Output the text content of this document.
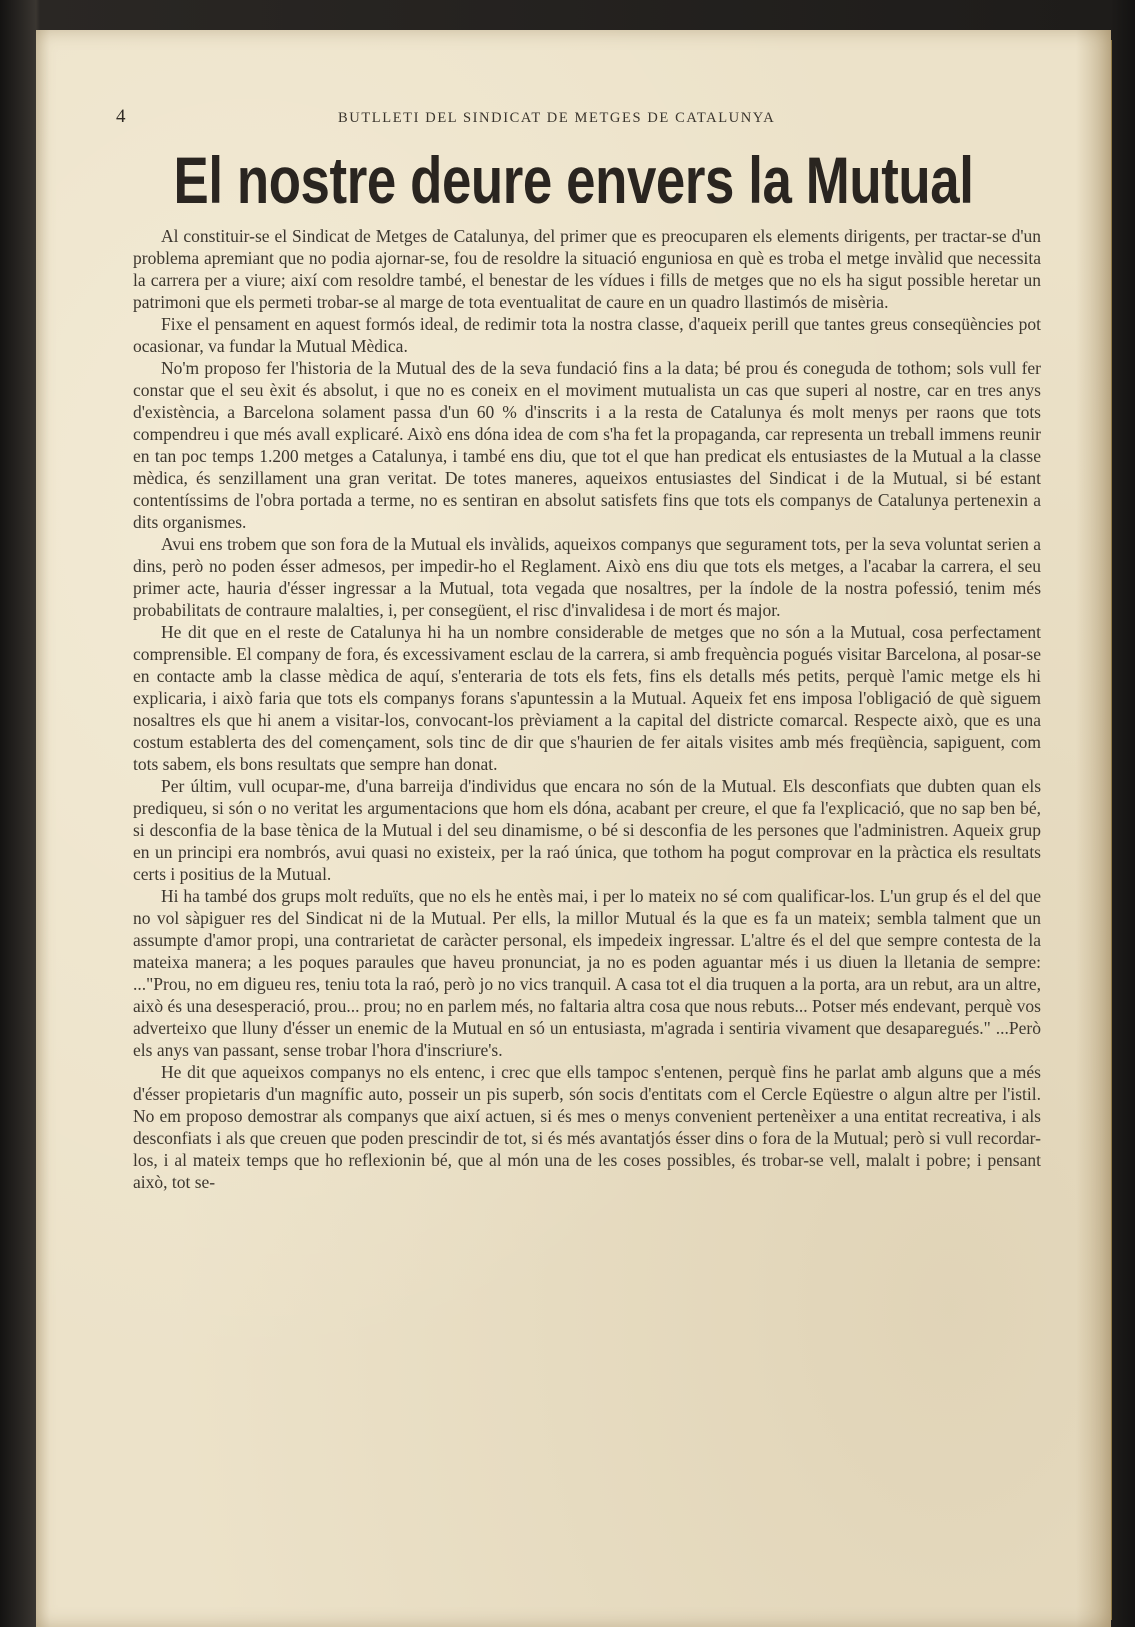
4	BUTLLETI DEL SINDICAT DE METGES DE CATALUNYA
El nostre deure envers la Mutual

Al constituir-se el Sindicat de Metges de Catalunya, del primer que es preocuparen els elements dirigents, per tractar-se d'un problema apremiant que no podia ajornar-se, fou de resoldre la situació enguniosa en què es troba el metge invàlid que necessita la carrera per a viure; així com resoldre també, el benestar de les vídues i fills de metges que no els ha sigut possible heretar un patrimoni que els permeti trobar-se al marge de tota eventualitat de caure en un quadro llastimós de misèria.

Fixe el pensament en aquest formós ideal, de redimir tota la nostra classe, d'aqueix perill que tantes greus conseqüències pot ocasionar, va fundar la Mutual Mèdica.

No'm proposo fer l'historia de la Mutual des de la seva fundació fins a la data; bé prou és coneguda de tothom; sols vull fer constar que el seu èxit és absolut, i que no es coneix en el moviment mutualista un cas que superi al nostre, car en tres anys d'existència, a Barcelona solament passa d'un 60 % d'inscrits i a la resta de Catalunya és molt menys per raons que tots compendreu i que més avall explicaré. Això ens dóna idea de com s'ha fet la propaganda, car representa un treball immens reunir en tan poc temps 1.200 metges a Catalunya, i també ens diu, que tot el que han predicat els entusiastes de la Mutual a la classe mèdica, és senzillament una gran veritat. De totes maneres, aqueixos entusiastes del Sindicat i de la Mutual, si bé estant contentíssims de l'obra portada a terme, no es sentiran en absolut satisfets fins que tots els companys de Catalunya pertenexin a dits organismes.

Avui ens trobem que son fora de la Mutual els invàlids, aqueixos companys que segurament tots, per la seva voluntat serien a dins, però no poden ésser admesos, per impedir-ho el Reglament. Això ens diu que tots els metges, a l'acabar la carrera, el seu primer acte, hauria d'ésser ingressar a la Mutual, tota vegada que nosaltres, per la índole de la nostra pofessió, tenim més probabilitats de contraure malalties, i, per consegüent, el risc d'invalidesa i de mort és major.

He dit que en el reste de Catalunya hi ha un nombre considerable de metges que no són a la Mutual, cosa perfectament comprensible. El company de fora, és excessivament esclau de la carrera, si amb frequència pogués visitar Barcelona, al posar-se en contacte amb la classe mèdica de aquí, s'enteraria de tots els fets, fins els detalls més petits, perquè l'amic metge els hi explicaria, i això faria que tots els companys forans s'apuntessin a la Mutual. Aqueix fet ens imposa l'obligació de què siguem nosaltres els que hi anem a visitar-los, convocant-los prèviament a la capital del districte comarcal. Respecte això, que es una costum establerta des del començament, sols tinc de dir que s'haurien de fer aitals visites amb més freqüència, sapiguent, com tots sabem, els bons resultats que sempre han donat.

Per últim, vull ocupar-me, d'una barreija d'individus que encara no són de la Mutual. Els desconfiats que dubten quan els prediqueu, si són o no veritat les argumentacions que hom els dóna, acabant per creure, el que fa l'explicació, que no sap ben bé, si desconfia de la base tènica de la Mutual i del seu dinamisme, o bé si desconfia de les persones que l'administren. Aqueix grup en un principi era nombrós, avui quasi no existeix, per la raó única, que tothom ha pogut comprovar en la pràctica els resultats certs i positius de la Mutual.

Hi ha també dos grups molt reduïts, que no els he entès mai, i per lo mateix no sé com qualificar-los. L'un grup és el del que no vol sàpiguer res del Sindicat ni de la Mutual. Per ells, la millor Mutual és la que es fa un mateix; sembla talment que un assumpte d'amor propi, una contrarietat de caràcter personal, els impedeix ingressar. L'altre és el del que sempre contesta de la mateixa manera; a les poques paraules que haveu pronunciat, ja no es poden aguantar més i us diuen la lletania de sempre: ..."Prou, no em digueu res, teniu tota la raó, però jo no vics tranquil. A casa tot el dia truquen a la porta, ara un rebut, ara un altre, això és una desesperació, prou... prou; no en parlem més, no faltaria altra cosa que nous rebuts... Potser més endevant, perquè vos adverteixo que lluny d'ésser un enemic de la Mutual en só un entusiasta, m'agrada i sentiria vivament que desaparegués." ...Però els anys van passant, sense trobar l'hora d'inscriure's.

He dit que aqueixos companys no els entenc, i crec que ells tampoc s'entenen, perquè fins he parlat amb alguns que a més d'ésser propietaris d'un magnífic auto, posseir un pis superb, són socis d'entitats com el Cercle Eqüestre o algun altre per l'istil. No em proposo demostrar als companys que així actuen, si és mes o menys convenient pertenèixer a una entitat recreativa, i als desconfiats i als que creuen que poden prescindir de tot, si és més avantatjós ésser dins o fora de la Mutual; però si vull recordar-los, i al mateix temps que ho reflexionin bé, que al món una de les coses possibles, és trobar-se vell, malalt i pobre; i pensant això, tot se-
